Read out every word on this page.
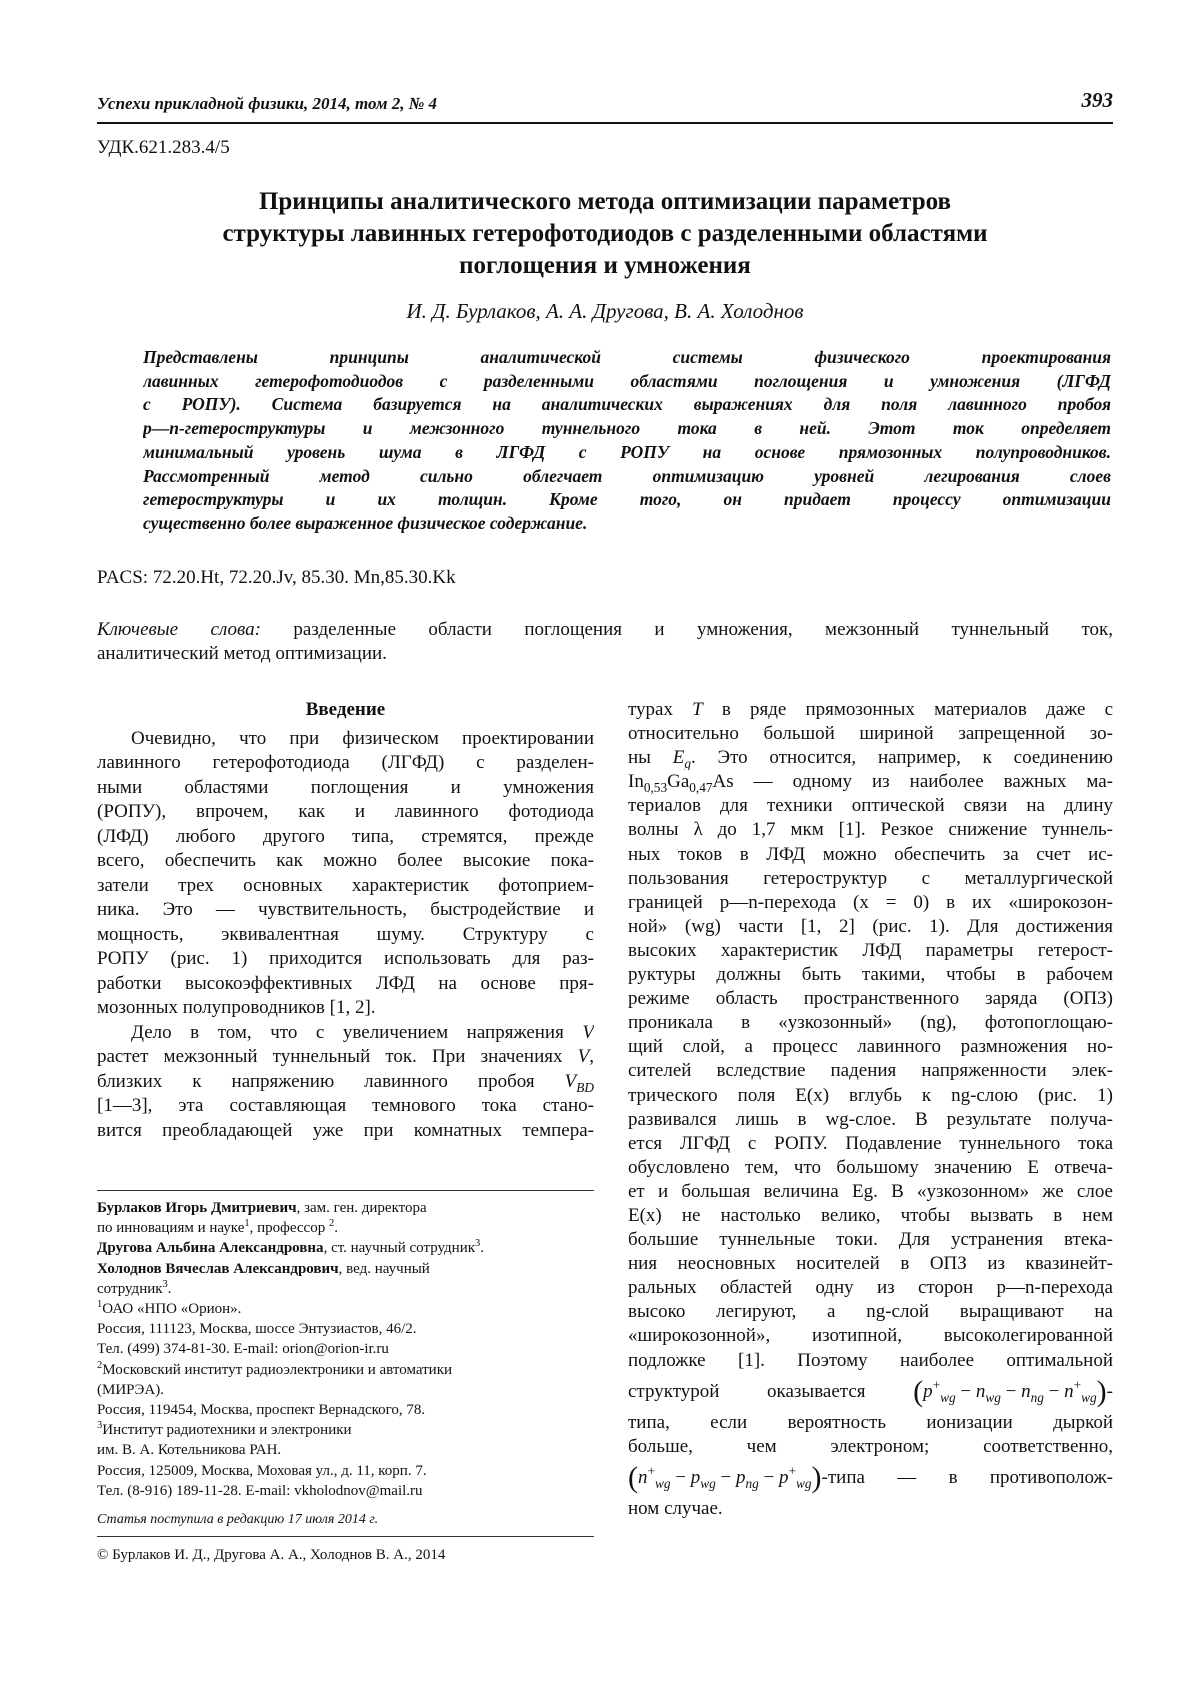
Успехи прикладной физики, 2014, том 2, № 4	393
УДК.621.283.4/5
Принципы аналитического метода оптимизации параметров
структуры лавинных гетерофотодиодов с разделенными областями
поглощения и умножения
И. Д. Бурлаков, А. А. Другова, В. А. Холоднов
Представлены принципы аналитической системы физического проектирования
лавинных гетерофотодиодов с разделенными областями поглощения и умножения (ЛГФД
с РОПУ). Система базируется на аналитических выражениях для поля лавинного пробоя
p—n-гетероструктуры и межзонного туннельного тока в ней. Этот ток определяет
минимальный уровень шума в ЛГФД с РОПУ на основе прямозонных полупроводников.
Рассмотренный метод сильно облегчает оптимизацию уровней легирования слоев
гетероструктуры и их толщин. Кроме того, он придает процессу оптимизации
существенно более выраженное физическое содержание.
PACS: 72.20.Ht, 72.20.Jv, 85.30. Mn,85.30.Kk
Ключевые слова: разделенные области поглощения и умножения, межзонный туннельный ток,
аналитический метод оптимизации.
Введение
Очевидно, что при физическом проектировании
лавинного гетерофотодиода (ЛГФД) с разделен-
ными областями поглощения и умножения
(РОПУ), впрочем, как и лавинного фотодиода
(ЛФД) любого другого типа, стремятся, прежде
всего, обеспечить как можно более высокие пока-
затели трех основных характеристик фотоприем-
ника. Это — чувствительность, быстродействие и
мощность, эквивалентная шуму. Структуру с
РОПУ (рис. 1) приходится использовать для раз-
работки высокоэффективных ЛФД на основе пря-
мозонных полупроводников [1, 2].
Дело в том, что с увеличением напряжения V
растет межзонный туннельный ток. При значениях V,
близких к напряжению лавинного пробоя $V_{BD}$
[1—3], эта составляющая темнового тока стано-
вится преобладающей уже при комнатных темпера-
Бурлаков Игорь Дмитриевич, зам. ген. директора
по инновациям и науке$^1$, профессор $^2$.
Другова Альбина Александровна, ст. научный сотрудник$^3$.
Холоднов Вячеслав Александрович, вед. научный
сотрудник$^3$.
$^1$ОАО «НПО «Орион».
Россия, 111123, Москва, шоссе Энтузиастов, 46/2.
Тел. (499) 374-81-30. E-mail: orion@orion-ir.ru
$^2$Московский институт радиоэлектроники и автоматики
(МИРЭА).
Россия, 119454, Москва, проспект Вернадского, 78.
$^3$Институт радиотехники и электроники
им. В. А. Котельникова РАН.
Россия, 125009, Москва, Моховая ул., д. 11, корп. 7.
Тел. (8-916) 189-11-28. E-mail: vkholodnov@mail.ru
Статья поступила в редакцию 17 июля 2014 г.
© Бурлаков И. Д., Другова А. А., Холоднов В. А., 2014
турах T в ряде прямозонных материалов даже с
относительно большой шириной запрещенной зо-
ны $E_g$. Это относится, например, к соединению
$In_{0,53}Ga_{0,47}As$ — одному из наиболее важных ма-
териалов для техники оптической связи на длину
волны λ до 1,7 мкм [1]. Резкое снижение туннель-
ных токов в ЛФД можно обеспечить за счет ис-
пользования гетероструктур с металлургической
границей p—n-перехода (x = 0) в их «широкозон-
ной» (wg) части [1, 2] (рис. 1). Для достижения
высоких характеристик ЛФД параметры гетерост-
руктуры должны быть такими, чтобы в рабочем
режиме область пространственного заряда (ОПЗ)
проникала в «узкозонный» (ng), фотопоглощаю-
щий слой, а процесс лавинного размножения но-
сителей вследствие падения напряженности элек-
трического поля E(x) вглубь к ng-слою (рис. 1)
развивался лишь в wg-слое. В результате получа-
ется ЛГФД с РОПУ. Подавление туннельного тока
обусловлено тем, что большому значению E отвеча-
ет и большая величина Eg. В «узкозонном» же слое
E(x) не настолько велико, чтобы вызвать в нем
большие туннельные токи. Для устранения втека-
ния неосновных носителей в ОПЗ из квазинейт-
ральных областей одну из сторон p—n-перехода
высоко легируют, а ng-слой выращивают на
«широкозонной», изотипной, высоколегированной
подложке [1]. Поэтому наиболее оптимальной
структурой оказывается $(p^+_{wg} - n_{wg} - n_{ng} - n^+_{wg})-$
типа, если вероятность ионизации дыркой
больше, чем электроном; соответственно,
($n^+_{wg} - p_{wg} - p_{ng}$ − $p^+_{wg}$)-типа — в противополож-
ном случае.
